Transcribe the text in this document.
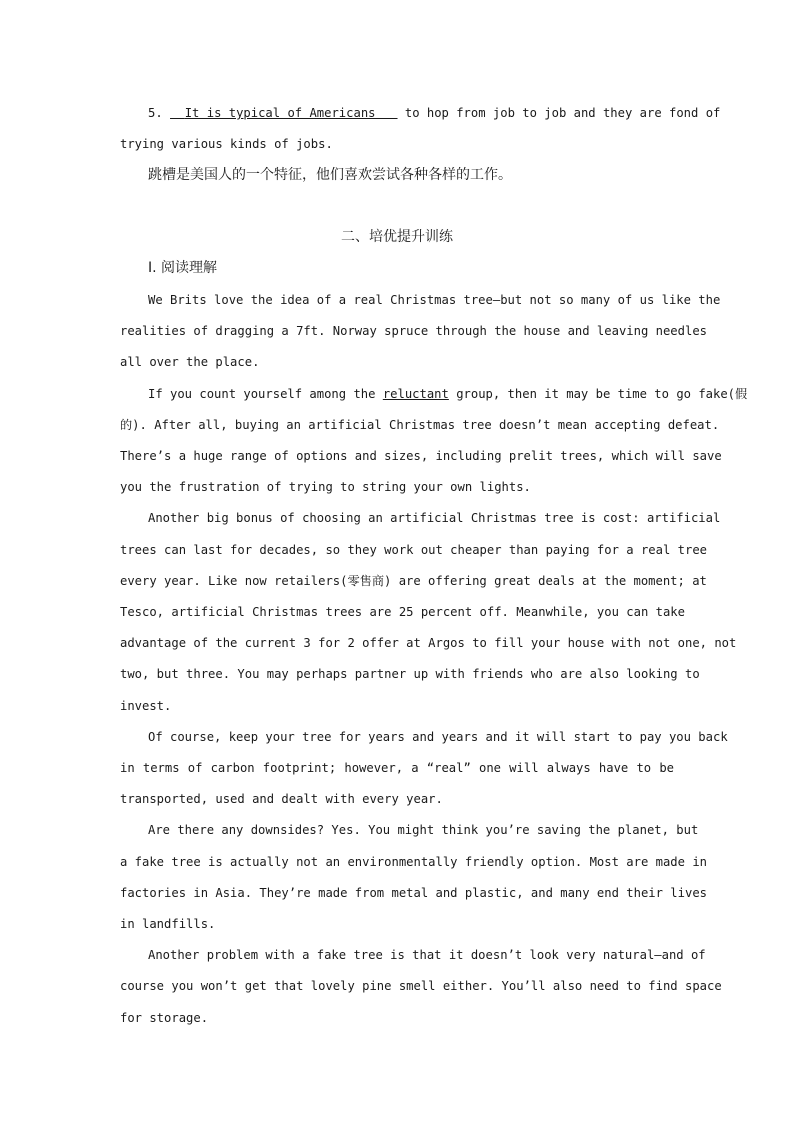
5. It is typical of Americans to hop from job to job and they are fond of
trying various kinds of jobs.
跳槽是美国人的一个特征，他们喜欢尝试各种各样的工作。
二、培优提升训练
Ⅰ. 阅读理解
We Brits love the idea of a real Christmas tree—but not so many of us like the
realities of dragging a 7ft. Norway spruce through the house and leaving needles
all over the place.
If you count yourself among the reluctant group, then it may be time to go fake(假
的). After all, buying an artificial Christmas tree doesn’t mean accepting defeat.
There’s a huge range of options and sizes, including prelit trees, which will save
you the frustration of trying to string your own lights.
Another big bonus of choosing an artificial Christmas tree is cost: artificial
trees can last for decades, so they work out cheaper than paying for a real tree
every year. Like now retailers(零售商) are offering great deals at the moment; at
Tesco, artificial Christmas trees are 25 percent off. Meanwhile, you can take
advantage of the current 3 for 2 offer at Argos to fill your house with not one, not
two, but three. You may perhaps partner up with friends who are also looking to
invest.
Of course, keep your tree for years and years and it will start to pay you back
in terms of carbon footprint; however, a “real” one will always have to be
transported, used and dealt with every year.
Are there any downsides? Yes. You might think you’re saving the planet, but
a fake tree is actually not an environmentally friendly option. Most are made in
factories in Asia. They’re made from metal and plastic, and many end their lives
in landfills.
Another problem with a fake tree is that it doesn’t look very natural—and of
course you won’t get that lovely pine smell either. You’ll also need to find space
for storage.
